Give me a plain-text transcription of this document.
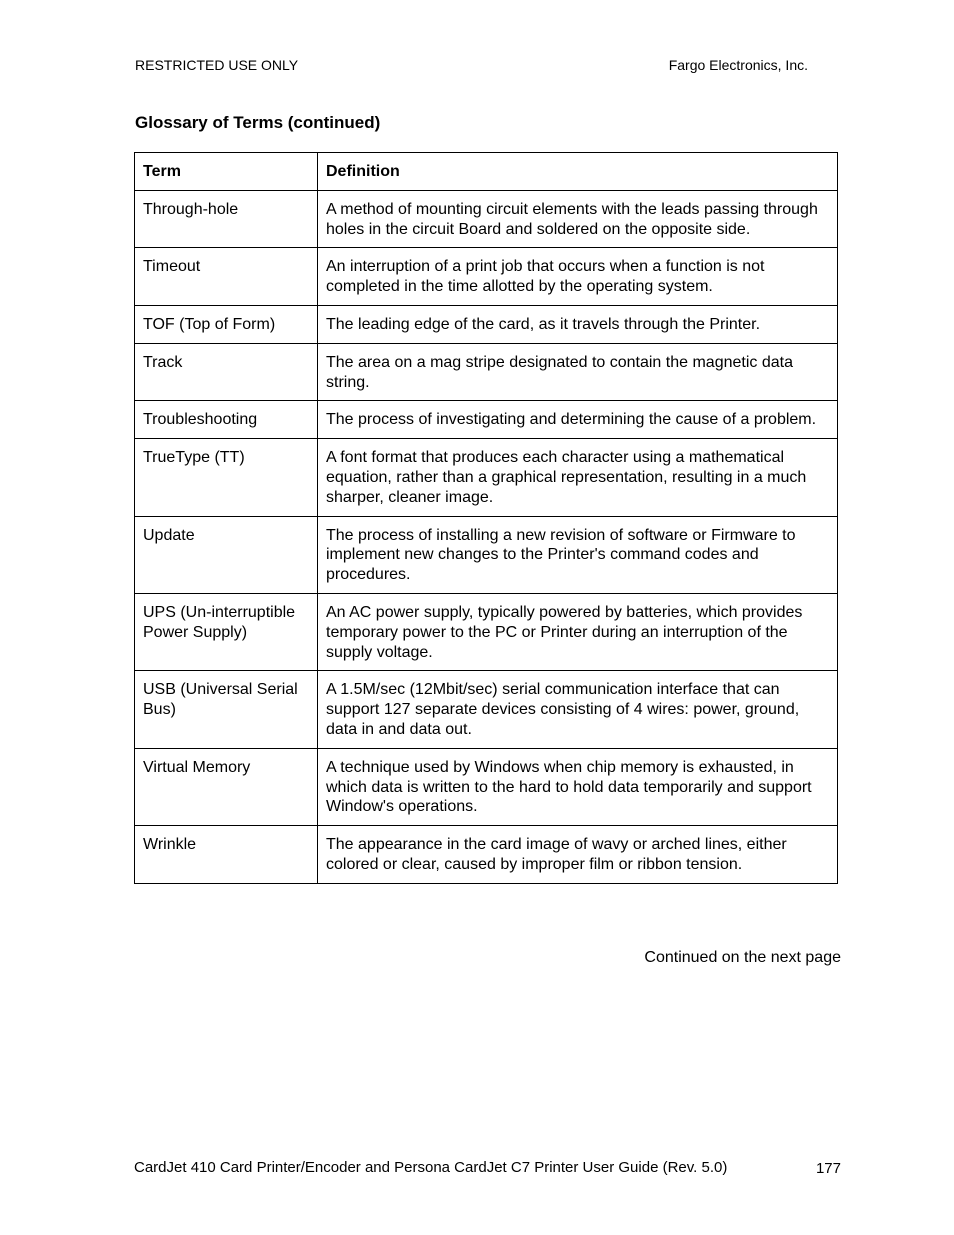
RESTRICTED USE ONLY	Fargo Electronics, Inc.
Glossary of Terms (continued)
Term	Definition
Through-hole	A method of mounting circuit elements with the leads passing through holes in the circuit Board and soldered on the opposite side.
Timeout	An interruption of a print job that occurs when a function is not completed in the time allotted by the operating system.
TOF (Top of Form)	The leading edge of the card, as it travels through the Printer.
Track	The area on a mag stripe designated to contain the magnetic data string.
Troubleshooting	The process of investigating and determining the cause of a problem.
TrueType (TT)	A font format that produces each character using a mathematical equation, rather than a graphical representation, resulting in a much sharper, cleaner image.
Update	The process of installing a new revision of software or Firmware to implement new changes to the Printer's command codes and procedures.
UPS (Un-interruptible Power Supply)	An AC power supply, typically powered by batteries, which provides temporary power to the PC or Printer during an interruption of the supply voltage.
USB (Universal Serial Bus)	A 1.5M/sec (12Mbit/sec) serial communication interface that can support 127 separate devices consisting of 4 wires: power, ground, data in and data out.
Virtual Memory	A technique used by Windows when chip memory is exhausted, in which data is written to the hard to hold data temporarily and support Window's operations.
Wrinkle	The appearance in the card image of wavy or arched lines, either colored or clear, caused by improper film or ribbon tension.
Continued on the next page
CardJet 410 Card Printer/Encoder and Persona CardJet C7 Printer User Guide (Rev. 5.0)	177
